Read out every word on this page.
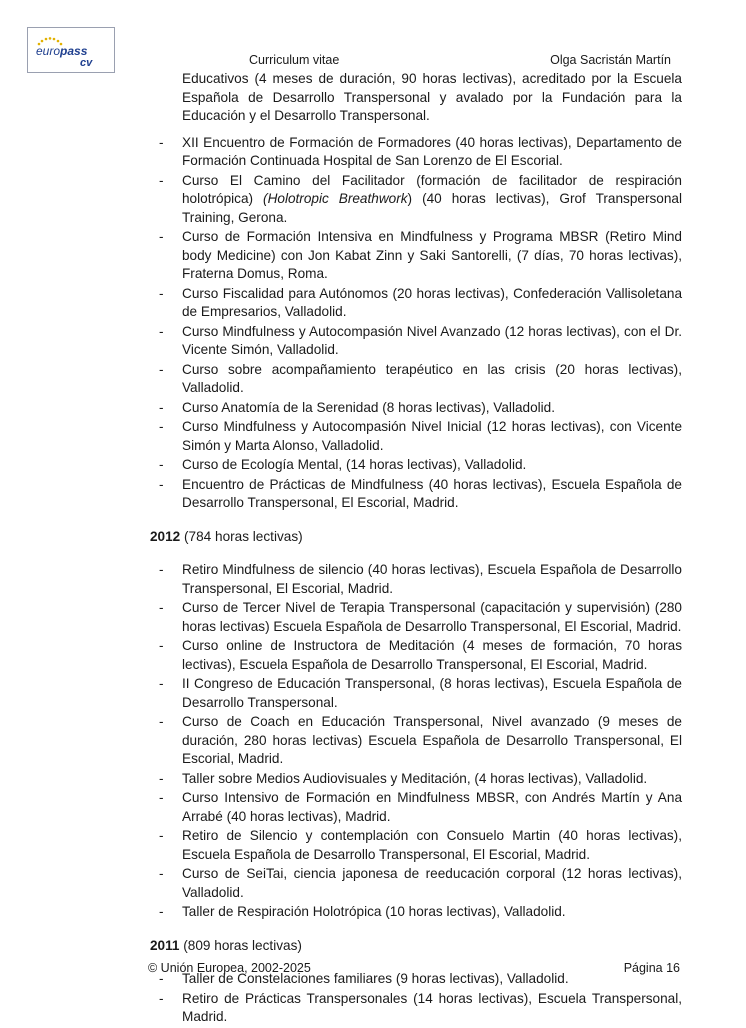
europass
cv	Curriculum vitae	Olga Sacristán Martín

Educativos (4 meses de duración, 90 horas lectivas), acreditado por la Escuela Española de Desarrollo Transpersonal y avalado por la Fundación para la Educación y el Desarrollo Transpersonal.

- XII Encuentro de Formación de Formadores (40 horas lectivas), Departamento de Formación Continuada Hospital de San Lorenzo de El Escorial.
- Curso El Camino del Facilitador (formación de facilitador de respiración holotrópica) (Holotropic Breathwork) (40 horas lectivas), Grof Transpersonal Training, Gerona.
- Curso de Formación Intensiva en Mindfulness y Programa MBSR (Retiro Mind body Medicine) con Jon Kabat Zinn y Saki Santorelli, (7 días, 70 horas lectivas), Fraterna Domus, Roma.
- Curso Fiscalidad para Autónomos (20 horas lectivas), Confederación Vallisoletana de Empresarios, Valladolid.
- Curso Mindfulness y Autocompasión Nivel Avanzado (12 horas lectivas), con el Dr. Vicente Simón, Valladolid.
- Curso sobre acompañamiento terapéutico en las crisis (20 horas lectivas), Valladolid.
- Curso Anatomía de la Serenidad (8 horas lectivas), Valladolid.
- Curso Mindfulness y Autocompasión Nivel Inicial (12 horas lectivas), con Vicente Simón y Marta Alonso, Valladolid.
- Curso de Ecología Mental, (14 horas lectivas), Valladolid.
- Encuentro de Prácticas de Mindfulness (40 horas lectivas), Escuela Española de Desarrollo Transpersonal, El Escorial, Madrid.
2012 (784 horas lectivas)
- Retiro Mindfulness de silencio (40 horas lectivas), Escuela Española de Desarrollo Transpersonal, El Escorial, Madrid.
- Curso de Tercer Nivel de Terapia Transpersonal (capacitación y supervisión) (280 horas lectivas) Escuela Española de Desarrollo Transpersonal, El Escorial, Madrid.
- Curso online de Instructora de Meditación (4 meses de formación, 70 horas lectivas), Escuela Española de Desarrollo Transpersonal, El Escorial, Madrid.
- II Congreso de Educación Transpersonal, (8 horas lectivas), Escuela Española de Desarrollo Transpersonal.
- Curso de Coach en Educación Transpersonal, Nivel avanzado (9 meses de duración, 280 horas lectivas) Escuela Española de Desarrollo Transpersonal, El Escorial, Madrid.
- Taller sobre Medios Audiovisuales y Meditación, (4 horas lectivas), Valladolid.
- Curso Intensivo de Formación en Mindfulness MBSR, con Andrés Martín y Ana Arrabé (40 horas lectivas), Madrid.
- Retiro de Silencio y contemplación con Consuelo Martin (40 horas lectivas), Escuela Española de Desarrollo Transpersonal, El Escorial, Madrid.
- Curso de SeiTai, ciencia japonesa de reeducación corporal (12 horas lectivas), Valladolid.
- Taller de Respiración Holotrópica (10 horas lectivas), Valladolid.
2011 (809 horas lectivas)
- Taller de Constelaciones familiares (9 horas lectivas), Valladolid.
- Retiro de Prácticas Transpersonales (14 horas lectivas), Escuela Transpersonal, Madrid.
© Unión Europea, 2002-2025	Página 16
